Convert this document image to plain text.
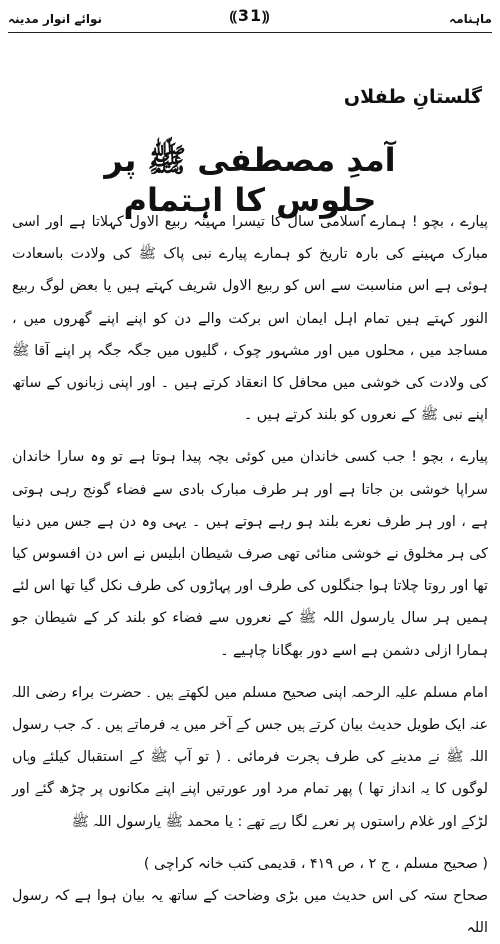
نوائے انوار مدینہ	⸨31⸩	ماہنامہ
گلستانِ طفلاں
آمدِ مصطفی ﷺ پر جلوس کا اہتمام

پیارے ، بچو ! ہمارے اسلامی سال کا تیسرا مہینہ ربیع الاول کہلاتا ہے اور اسی مبارک مہینے کی بارہ تاریخ کو ہمارے پیارے نبی پاک ﷺ کی ولادت باسعادت ہوئی ہے اس مناسبت سے اس کو ربیع الاول شریف کہتے ہیں یا بعض لوگ ربیع النور کہتے ہیں تمام اہل ایمان اس برکت والے دن کو اپنے اپنے گھروں میں ، مساجد میں ، محلوں میں اور مشہور چوک ، گلیوں میں جگہ جگہ پر اپنے آقا ﷺ کی ولادت کی خوشی میں محافل کا انعقاد کرتے ہیں ۔ اور اپنی زبانوں کے ساتھ اپنے نبی ﷺ کے نعروں کو بلند کرتے ہیں ۔

پیارے ، بچو ! جب کسی خاندان میں کوئی بچہ پیدا ہوتا ہے تو وہ سارا خاندان سراپا خوشی بن جاتا ہے اور ہر طرف مبارک بادی سے فضاء گونج رہی ہوتی ہے ، اور ہر طرف نعرے بلند ہو رہے ہوتے ہیں ۔ یہی وہ دن ہے جس میں دنیا کی ہر مخلوق نے خوشی منائی تھی صرف شیطان ابلیس نے اس دن افسوس کیا تھا اور روتا چلاتا ہوا جنگلوں کی طرف اور پہاڑوں کی طرف نکل گیا تھا اس لئے ہمیں ہر سال یارسول اللہ ﷺ کے نعروں سے فضاء کو بلند کر کے شیطان جو ہمارا ازلی دشمن ہے اسے دور بھگانا چاہیے ۔

امام مسلم علیہ الرحمہ اپنی صحیح مسلم میں لکھتے ہیں ۔ حضرت براء رضی اللہ عنہ ایک طویل حدیث بیان کرتے ہیں جس کے آخر میں یہ فرماتے ہیں ۔ کہ جب رسول اللہ ﷺ نے مدینے کی طرف ہجرت فرمائی ۔ ( تو آپ ﷺ کے استقبال کیلئے وہاں لوگوں کا یہ انداز تھا ) پھر تمام مرد اور عورتیں اپنے اپنے مکانوں پر چڑھ گئے اور لڑکے اور غلام راستوں پر نعرے لگا رہے تھے : یا محمد ﷺ یارسول اللہ ﷺ

( صحیح مسلم ، ج ۲ ، ص ۴۱۹ ، قدیمی کتب خانہ کراچی )

صحاح ستہ کی اس حدیث میں بڑی وضاحت کے ساتھ یہ بیان ہوا ہے کہ رسول اللہ
